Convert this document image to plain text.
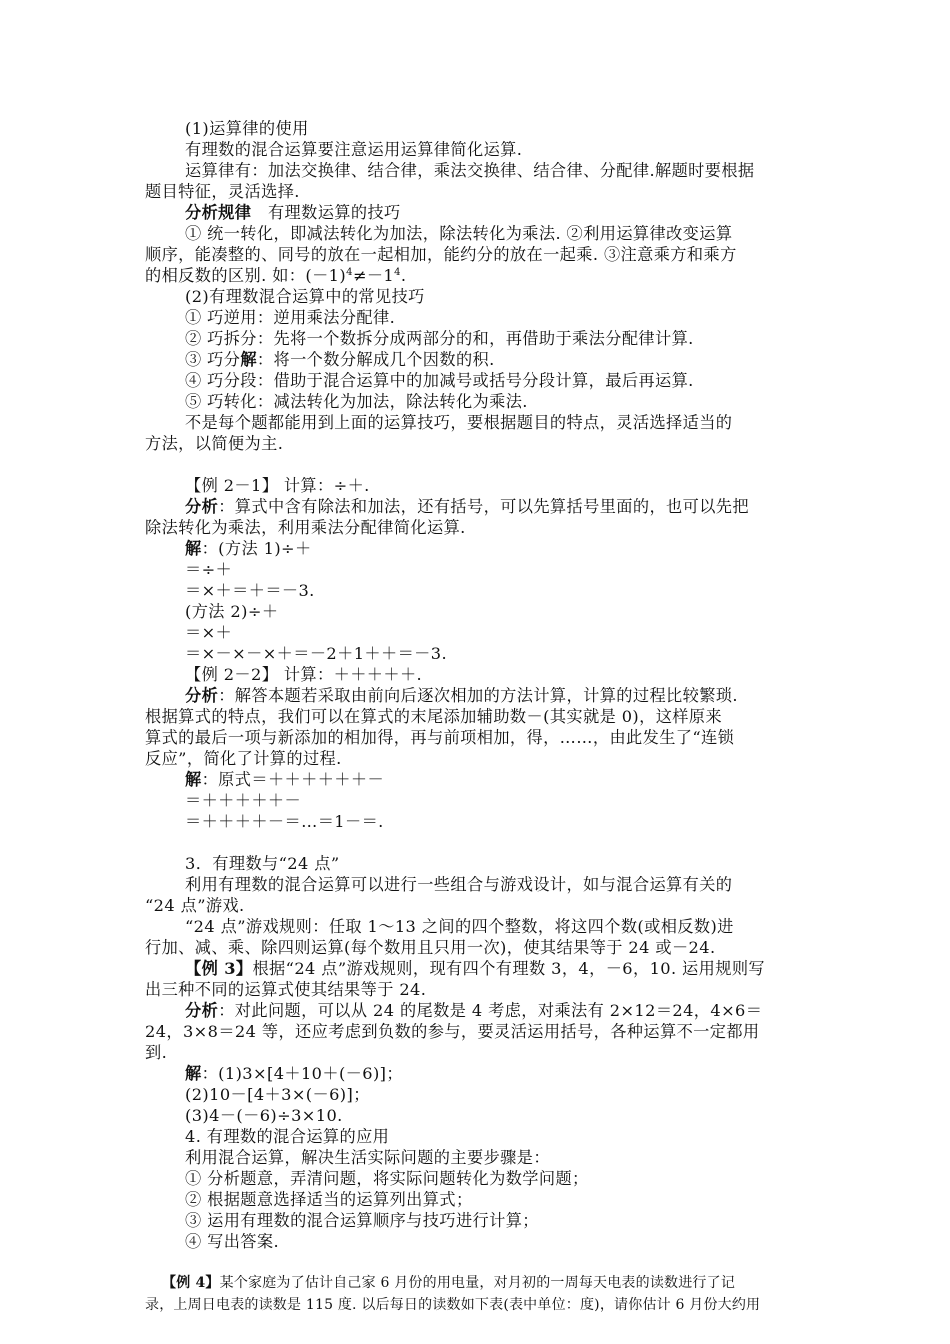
(1)运算律的使用
有理数的混合运算要注意运用运算律简化运算.
运算律有：加法交换律、结合律，乘法交换律、结合律、分配律.解题时要根据
题目特征，灵活选择.
分析规律　有理数运算的技巧
① 统一转化，即减法转化为加法，除法转化为乘法. ②利用运算律改变运算
顺序，能凑整的、同号的放在一起相加，能约分的放在一起乘. ③注意乘方和乘方
的相反数的区别. 如：$(-1)^4\ne-1^4$.
(2)有理数混合运算中的常见技巧
① 巧逆用：逆用乘法分配律.
② 巧拆分：先将一个数拆分成两部分的和，再借助于乘法分配律计算.
③ 巧分解：将一个数分解成几个因数的积.
④ 巧分段：借助于混合运算中的加减号或括号分段计算，最后再运算.
⑤ 巧转化：减法转化为加法，除法转化为乘法.
不是每个题都能用到上面的运算技巧，要根据题目的特点，灵活选择适当的
方法，以简便为主.
【例 2－1】 计算：÷＋.
分析：算式中含有除法和加法，还有括号，可以先算括号里面的，也可以先把
除法转化为乘法，利用乘法分配律简化运算.
解：(方法 1)÷＋
＝÷＋
＝×＋＝＋＝－3.
(方法 2)÷＋
＝×＋
＝×－×－×＋＝－2＋1＋＋＝－3.
【例 2－2】 计算：＋＋＋＋＋.
分析：解答本题若采取由前向后逐次相加的方法计算，计算的过程比较繁琐.
根据算式的特点，我们可以在算式的末尾添加辅助数－(其实就是 0)，这样原来
算式的最后一项与新添加的相加得，再与前项相加，得，……，由此发生了“连锁
反应”，简化了计算的过程.
解：原式＝＋＋＋＋＋＋－
＝＋＋＋＋＋－
＝＋＋＋＋－＝…＝1－＝.
3．有理数与“24 点”
利用有理数的混合运算可以进行一些组合与游戏设计，如与混合运算有关的
“24 点”游戏.
“24 点”游戏规则：任取 1～13 之间的四个整数，将这四个数(或相反数)进
行加、减、乘、除四则运算(每个数用且只用一次)，使其结果等于 24 或－24.
【例 3】根据“24 点”游戏规则，现有四个有理数 3，4，－6，10. 运用规则写
出三种不同的运算式使其结果等于 24.
分析：对此问题，可以从 24 的尾数是 4 考虑，对乘法有 2×12＝24，4×6＝
24，3×8＝24 等，还应考虑到负数的参与，要灵活运用括号，各种运算不一定都用
到.
解：(1)3×[4＋10＋(－6)]；
(2)10－[4＋3×(－6)]；
(3)4－(－6)÷3×10.
4. 有理数的混合运算的应用
利用混合运算，解决生活实际问题的主要步骤是：
① 分析题意，弄清问题，将实际问题转化为数学问题；
② 根据题意选择适当的运算列出算式；
③ 运用有理数的混合运算顺序与技巧进行计算；
④ 写出答案.
【例 4】某个家庭为了估计自己家 6 月份的用电量，对月初的一周每天电表的读数进行了记
录，上周日电表的读数是 115 度. 以后每日的读数如下表(表中单位：度)，请你估计 6 月份大约用
